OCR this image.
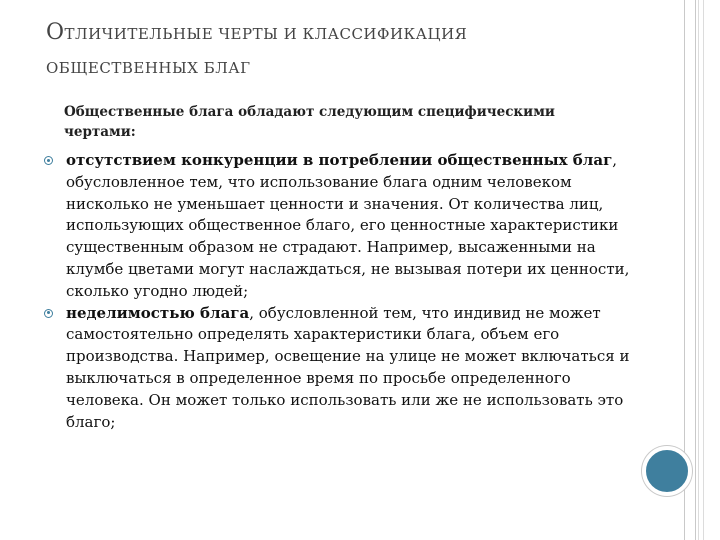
ОТЛИЧИТЕЛЬНЫЕ ЧЕРТЫ И КЛАССИФИКАЦИЯ
ОБЩЕСТВЕННЫХ БЛАГ
Общественные блага обладают следующим специфическими чертами:
отсутствием конкуренции в потреблении общественных благ, обусловленное тем, что использование блага одним человеком нисколько не уменьшает ценности и значения. От количества лиц, использующих общественное благо, его ценностные характеристики существенным образом не страдают. Например, высаженными на клумбе цветами могут наслаждаться, не вызывая потери их ценности, сколько угодно людей;
неделимостью блага, обусловленной тем, что индивид не может самостоятельно определять характеристики блага, объем его производства. Например, освещение на улице не может включаться и выключаться в определенное время по просьбе определенного человека. Он может только использовать или же не использовать это благо;
